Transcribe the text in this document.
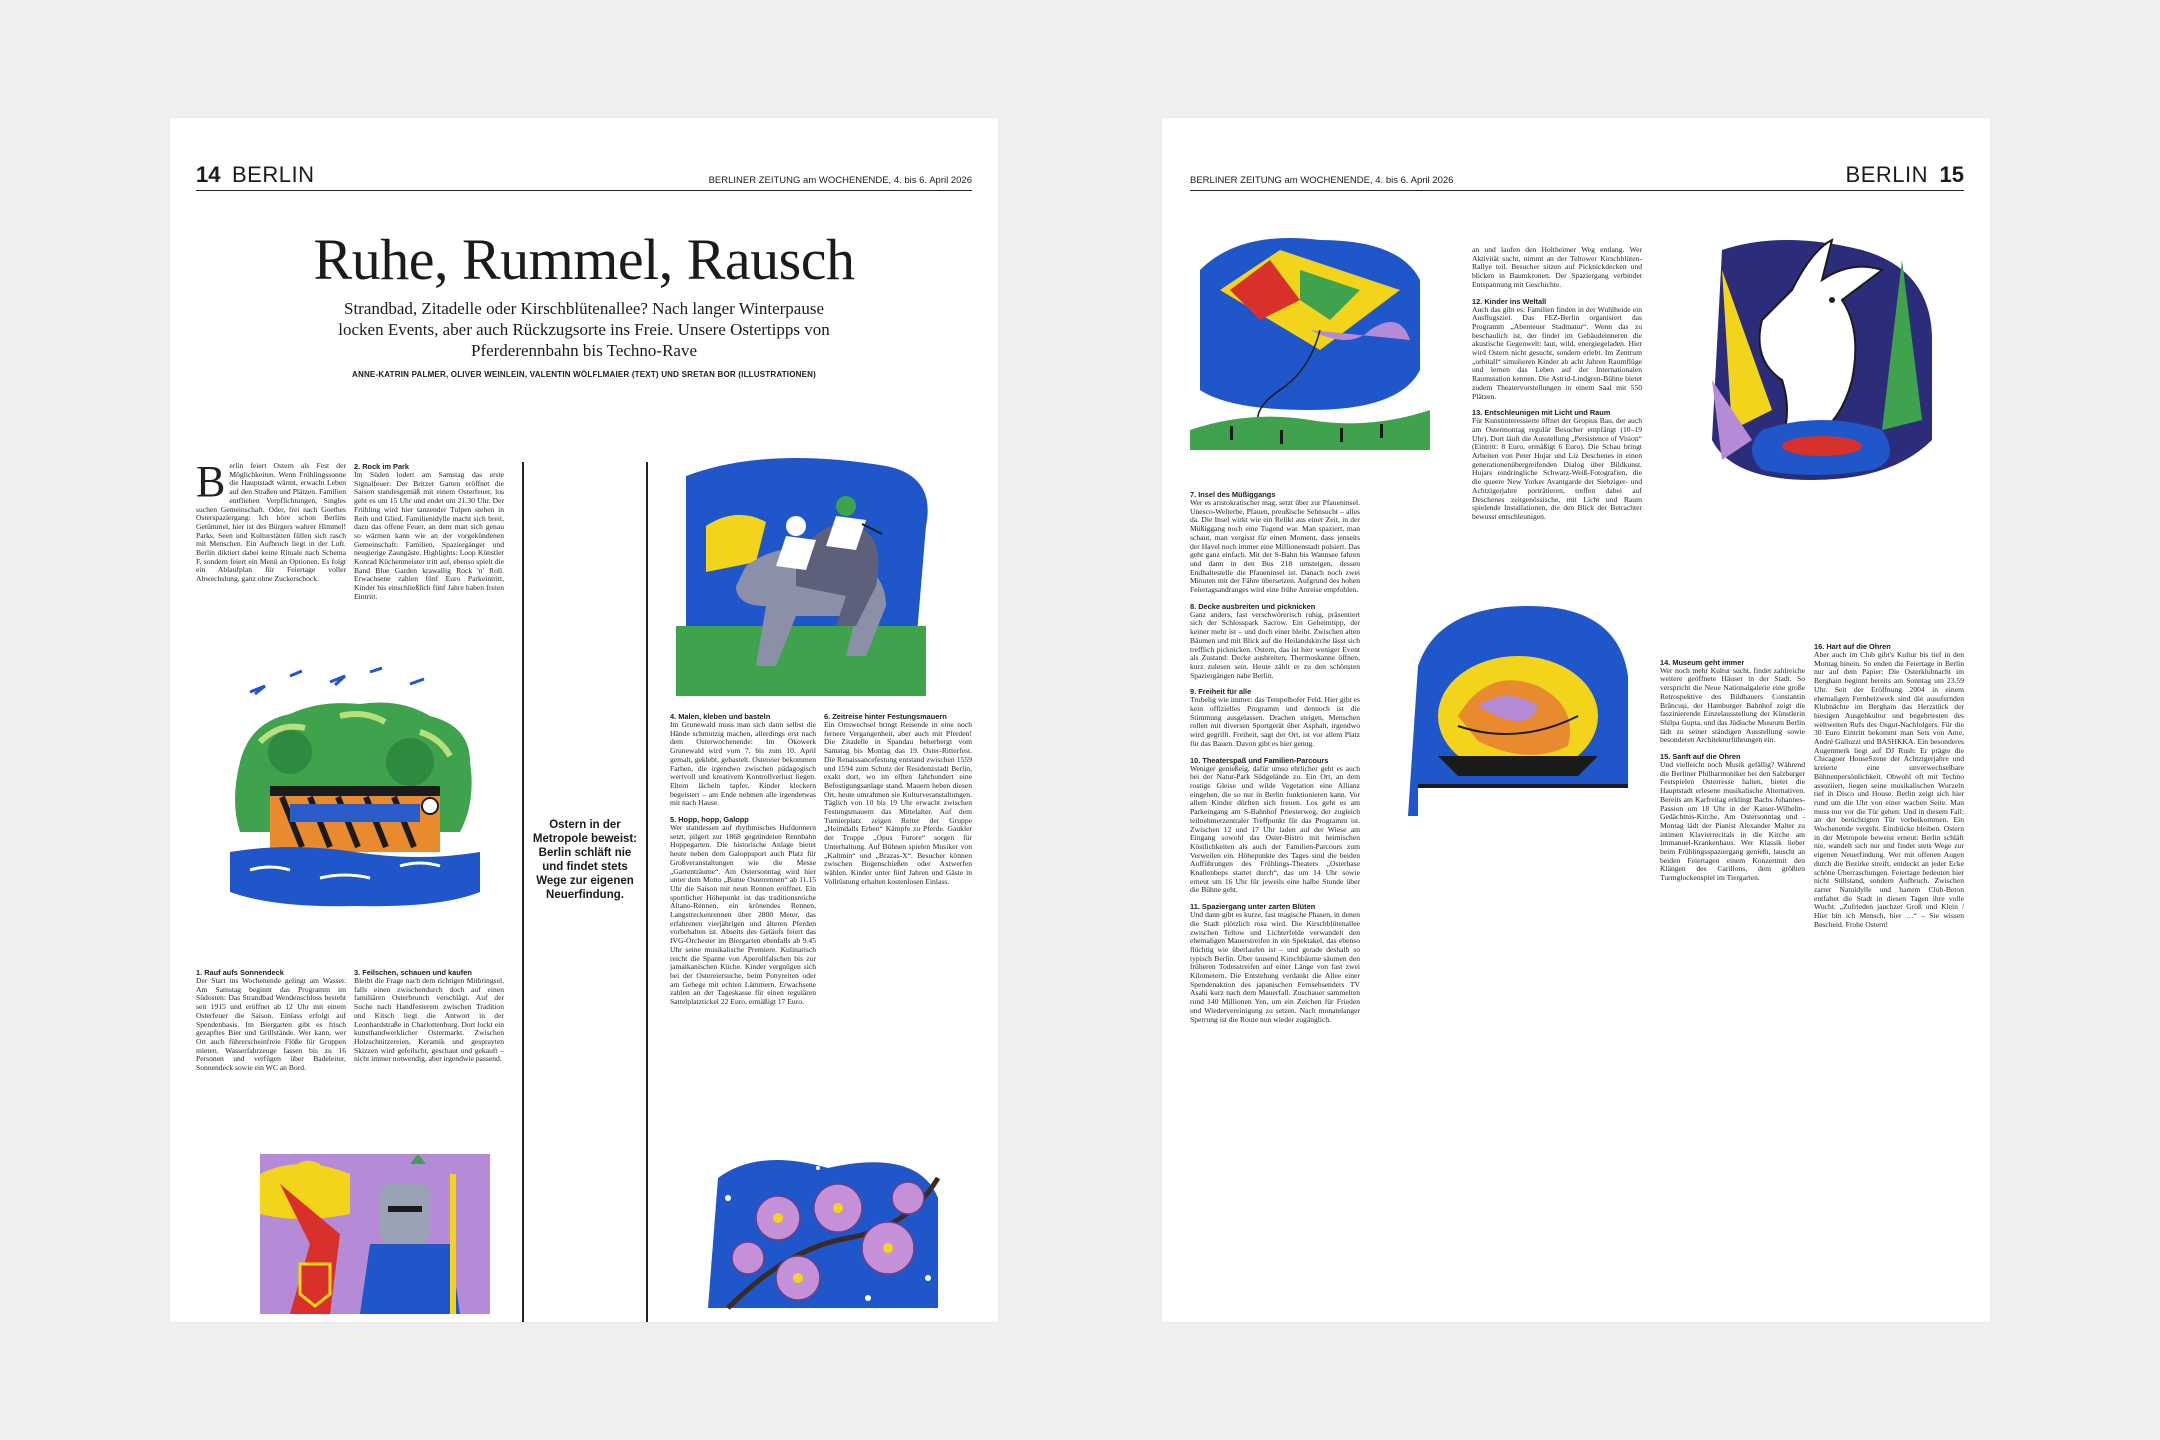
14 BERLIN	BERLINER ZEITUNG am WOCHENENDE, 4. bis 6. April 2026
Ruhe, Rummel, Rausch
Strandbad, Zitadelle oder Kirschblütenallee? Nach langer Winterpause locken Events, aber auch Rückzugsorte ins Freie. Unsere Ostertipps von Pferderennbahn bis Techno-Rave
ANNE-KATRIN PALMER, OLIVER WEINLEIN, VALENTIN WÖLFLMAIER (TEXT) UND SRETAN BOR (ILLUSTRATIONEN)
Berlin feiert Ostern als Fest der Möglichkeiten. Wenn Frühlingssonne die Hauptstadt wärmt, erwacht Leben auf den Straßen und Plätzen. Familien entfliehen Verpflichtungen, Singles suchen Gemeinschaft. Oder, frei nach Goethes Osterspaziergang: Ich höre schon Berlins Getümmel, hier ist des Bürgers wahrer Himmel! Parks, Seen und Kulturstätten füllen sich rasch mit Menschen. Ein Aufbruch liegt in der Luft. Berlin diktiert dabei keine Rituale nach Schema F, sondern feiert ein Menü an Optionen. Es folgt ein Ablaufplan für Feiertage voller Abwechslung, ganz ohne Zuckerschock.
2. Rock im Park

Im Süden lodert am Samstag das erste Signalfeuer: Der Britzer Garten eröffnet die Saison standesgemäß mit einem Osterfeuer, los geht es um 15 Uhr und endet um 21.30 Uhr. Der Frühling wird hier tanzender Tulpen stehen in Reih und Glied, Familienidylle macht sich breit, dazu das offene Feuer, an dem man sich genau so wärmen kann wie an der vorgekündenen Gemeinschaft: Familien, Spaziergänger und neugierige Zaungäste. Highlights: Loop Künstler Konrad Küchenmeister tritt auf, ebenso spielt die Band Blue Garden krawallig Rock 'n' Roll. Erwachsene zahlen fünf Euro Parkeintritt, Kinder bis einschließlich fünf Jahre haben freien Eintritt.

1. Rauf aufs Sonnendeck

Der Start ins Wochenende gelingt am Wasser. Am Samstag beginnt das Programm im Südosten: Das Strandbad Wendenschloss besteht seit 1915 und eröffnet ab 12 Uhr mit einem Osterfeuer die Saison. Einlass erfolgt auf Spendenbasis. Im Biergarten gibt es frisch gezapftes Bier und Grillstände. Wer kann, wer Ort auch führerscheinfreie Flöße für Gruppen mieten. Wasserfahrzeuge fassen bis zu 16 Personen und verfügen über Badeleiter, Sonnendeck sowie ein WC an Bord.

3. Feilschen, schauen und kaufen

Bleibt die Frage nach dem richtigen Mitbringsel, falls einen zwischendurch doch auf einen familiären Osterbrunch verschlägt. Auf der Suche nach Handfesterem zwischen Tradition und Kitsch liegt die Antwort in der Leonhardstraße in Charlottenburg. Dort lockt ein kunsthandwerklicher Ostermarkt. Zwischen Holzschnitzereien, Keramik und gesprayten Skizzen wird gefeilscht, geschaut und gekauft – nicht immer notwendig, aber irgendwie passend.

Ostern in der Metropole beweist: Berlin schläft nie und findet stets Wege zur eigenen Neuerfindung.
4. Malen, kleben und basteln

Im Grunewald muss man sich dann selbst die Hände schmutzig machen, allerdings erst nach dem Osterwochenende: Im Ökowerk Grunewald wird vom 7. bis zum 10. April gemalt, geklebt, gebastelt. Ostereier bekommen Farben, die irgendwo zwischen pädagogisch wertvoll und kreativem Kontrollverlust liegen. Eltern lächeln tapfer, Kinder kleckern begeistert – am Ende nehmen alle irgendetwas mit nach Hause.

5. Hopp, hopp, Galopp

Wer stattdessen auf rhythmisches Hufdonnern setzt, pilgert zur 1868 gegründeten Rennbahn Hoppegarten. Die historische Anlage bietet heute neben dem Galoppsport auch Platz für Großveranstaltungen wie die Messe „Gartenträume“. Am Ostersonntag wird hier unter dem Motto „Bunte Osterrennen“ ab 11.15 Uhr die Saison mit neun Rennen eröffnet. Ein sportlicher Höhepunkt ist das traditionsreiche Altano-Rennen, ein krönendes Rennen, Langstreckenrennen über 2800 Meter, das erfahrenen vierjährigen und älteren Pferden vorbehalten ist. Abseits des Geläufs feiert das IVG-Orchester im Biergarten ebenfalls ab 9.45 Uhr seine musikalische Premiere. Kulinarisch reicht die Spanne von Aperoltfalschen bis zur jamaikanischen Küche. Kinder vergnügen sich bei der Ostereiersuche, beim Ponyreiten oder am Gehege mit echten Lämmern. Erwachsene zahlen an der Tageskasse für einen regulären Sattelplatztickel 22 Euro, ermäßigt 17 Euro.

6. Zeitreise hinter Festungsmauern

Ein Ortswechsel bringt Reisende in eine noch fernere Vergangenheit, aber auch mit Pferden! Die Zitadelle in Spandau beherbergt vom Samstag bis Montag das 19. Oster-Ritterfest. Die Renaissancefestung entstand zwischen 1559 und 1594 zum Schutz der Residenzstadt Berlin, exakt dort, wo im elften Jahrhundert eine Befestigungsanlage stand. Mauern heben diesen Ort, heute umrahmen sie Kulturveranstaltungen. Täglich von 10 bis 19 Uhr erwacht zwischen Festungsmauern das Mittelalter. Auf dem Turnierplatz zeigen Reiter der Gruppe „Heimdalls Erben“ Kämpfe zu Pferde. Gaukler der Truppe „Opus Furore“ sorgen für Unterhaltung. Auf Bühnen spielen Musiker von „Kaltmin“ und „Brazas-X“. Besucher können zwischen Bogenschießen oder Axtwerfen wählen. Kinder unter fünf Jahren und Gäste in Vollrüstung erhalten kostenlosen Einlass.

BERLINER ZEITUNG am WOCHENENDE, 4. bis 6. April 2026	BERLIN 15

an und laufen den Holtheimer Weg entlang. Wer Aktivität sucht, nimmt an der Teltower Kirschblüten-Rallye teil. Besucher sitzen auf Picknickdecken und blicken in Baumkronen. Der Spaziergang verbindet Entspannung mit Geschichte.

12. Kinder ins Weltall

Auch das gibt es: Familien finden in der Wuhlheide ein Ausflugsziel. Das FEZ-Berlin organisiert das Programm „Abenteuer Stadtnatur“. Wenn das zu beschaulich ist, der findet im Gebäudeinneren die akustische Gegenwelt: laut, wild, energiegeladen. Hier wird Ostern nicht gesucht, sondern erlebt. Im Zentrum „orbitall“ simulieren Kinder ab acht Jahren Raumflüge und lernen das Leben auf der Internationalen Raumstation kennen. Die Astrid-Lindgren-Bühne bietet zudem Theatervorstellungen in einem Saal mit 550 Plätzen.

13. Entschleunigen mit Licht und Raum

Für Kunstinteressierte öffnet der Gropius Bau, der auch am Ostermontag regulär Besucher empfängt (10–19 Uhr). Dort läuft die Ausstellung „Persistence of Vision“ (Eintritt: 8 Euro, ermäßigt 6 Euro). Die Schau bringt Arbeiten von Peter Hujar und Liz Deschenes in einen generationenübergreifenden Dialog über Bildkunst. Hujars eindringliche Schwarz-Weiß-Fotografien, die die queere New Yorker Avantgarde der Siebziger- und Achtzigerjahre porträtieren, treffen dabei auf Deschenes zeitgenössische, mit Licht und Raum spielende Installationen, die den Blick der Betrachter bewusst entschleunigen.

7. Insel des Müßiggangs

Wer es aristokratischer mag, setzt über zur Pfaueninsel. Unesco-Welterbe, Pfauen, preußische Sehnsucht – alles da. Die Insel wirkt wie ein Relikt aus einer Zeit, in der Müßiggang noch eine Tugend war. Man spaziert, man schaut, man vergisst für einen Moment, dass jenseits der Havel noch immer eine Millionenstadt pulsiert. Das geht ganz einfach. Mit der S-Bahn bis Wannsee fahren und dann in den Bus 218 umsteigen, dessen Endhaltestelle die Pfaueninsel ist. Danach noch zwei Minuten mit der Fähre übersetzen. Aufgrund des hohen Feiertagsandranges wird eine frühe Anreise empfohlen.

8. Decke ausbreiten und picknicken

Ganz anders, fast verschwörerisch ruhig, präsentiert sich der Schlosspark Sacrow. Ein Geheimtipp, der keiner mehr ist – und doch einer bleibt. Zwischen alten Bäumen und mit Blick auf die Heilandskirche lässt sich trefflich picknicken. Ostern, das ist hier weniger Event als Zustand: Decke ausbreiten, Thermoskanne öffnen, kurz zulesen sein. Heute zählt er zu den schönsten Spaziergängen nahe Berlin.

9. Freiheit für alle

Trubelig wie immer: das Tempelhofer Feld. Hier gibt es kein offizielles Programm und dennoch ist die Stimmung ausgelassen. Drachen steigen, Menschen rollen mit diversen Sportgerät über Asphalt, irgendwo wird gegrillt. Freiheit, sagt der Ort, ist vor allem Platz für das Bauen. Davon gibt es hier genug.

10. Theaterspaß und Familien-Parcours

Weniger genießeig, dafür umso ehrlicher geht es auch bei der Natur-Park Südgelände zu. Ein Ort, an dem rostige Gleise und wilde Vegetation eine Allianz eingehen, die so nur in Berlin funktionieren kann. Vor allem Kinder dürften sich freuen. Los geht es am Parkeingang am S-Bahnhof Priesterweg, der zugleich teilnehmerzentraler Treffpunkt für das Programm ist. Zwischen 12 und 17 Uhr laden auf der Wiese am Eingang sowohl das Oster-Bistro mit heimischen Köstlichkeiten als auch der Familien-Parcours zum Verweilen ein. Höhepunkte des Tages sind die beiden Aufführungen des Frühlings-Theaters „Osterhase Knallenbeps startet durch“, das um 14 Uhr sowie erneut um 16 Uhr für jeweils eine halbe Stunde über die Bühne geht.

11. Spaziergang unter zarten Blüten

Und dann gibt es kurze, fast magische Phasen, in denen die Stadt plötzlich rosa wird. Die Kirschblütenallee zwischen Teltow und Lichterfelde verwandelt den ehemaligen Mauerstreifen in ein Spektakel, das ebenso flüchtig wie überlaufen ist – und gerade deshalb so typisch Berlin. Über tausend Kirschbäume säumen den früheren Todesstreifen auf einer Länge von fast zwei Kilometern. Die Entstehung verdankt die Allee einer Spendenaktion des japanischen Fernsehsenders TV Asahi kurz nach dem Mauerfall. Zuschauer sammelten rund 140 Millionen Yen, um ein Zeichen für Frieden und Wiedervereinigung zu setzen. Nach monatelanger Sperrung ist die Route nun wieder zugänglich.

14. Museum geht immer

Wer noch mehr Kultur sucht, findet zahlreiche weitere geöffnete Häuser in der Stadt. So verspricht die Neue Nationalgalerie eine große Retrospektive des Bildhauers Constantin Brâncuși, der Hamburger Bahnhof zeigt die faszinierende Einzelausstellung der Künstlerin Shilpa Gupta, und das Jüdische Museum Berlin lädt zu seiner ständigen Ausstellung sowie besonderen Architekturführungen ein.

15. Sanft auf die Ohren

Und vielleicht noch Musik gefällig? Während die Berliner Philharmoniker bei den Salzburger Festspielen Osterresse halten, bietet die Hauptstadt erlesene musikalische Alternativen. Bereits am Karfreitag erklingt Bachs Johannes-Passion um 18 Uhr in der Kaiser-Wilhelm-Gedächtnis-Kirche. Am Ostersonntag und -Montag lädt der Pianist Alexander Malter zu intimen Klavierrecitals in die Kirche am Immanuel-Krankenhaus. Wer Klassik lieber beim Frühlingsspaziergang genießt, lauscht an beiden Feiertagen einem Konzertmit den Klängen des Carillons, dem größten Turmglockenspiel im Tiergarten.

16. Hart auf die Ohren

Aber auch im Club gibt's Kultur bis tief in den Montag hinein. So enden die Feiertage in Berlin nur auf dem Papier: Die Osterklubnacht im Berghain beginnt bereits am Sonntag um 23.59 Uhr. Seit der Eröffnung 2004 in einem ehemaligen Fernheizwerk sind die ausufernden Klubnächte im Berghain das Herzstück der hiesigen Ausgehkultur und begehrtesten des weltweiten Rufs des Osgut-Nachfolgers. Für die 30 Euro Eintritt bekommt man Sets von Ame, André Galluzzi und BASHKKA. Ein besonderes Augenmerk liegt auf DJ Rush: Er prägte die Chicagoer HouseSzene der Achtzigerjahre und kreierte eine unverwechselbare Bühnenpersönlichkeit. Obwohl oft mit Techno assoziiert, liegen seine musikalischen Wurzeln tief in Disco und House. Berlin zeigt sich hier rund um die Uhr von einer wachen Seite. Man muss nur vor die Tür gehen: Und in diesem Fall: an der berüchtigten Tür vorbeikommen. Ein Wochenende vergeht. Eindrücke bleiben. Ostern in der Metropole beweist erneut: Berlin schläft nie, wandelt sich nur und findet stets Wege zur eigenen Neuerfindung. Wer mit offenen Augen durch die Bezirke streift, entdeckt an jeder Ecke schöne Überraschungen. Feiertage bedeuten hier nicht Stillstand, sondern Aufbruch. Zwischen zarter Natuidylle und hartem Club-Beton entfaltet die Stadt in diesen Tagen ihre volle Wucht. „Zufrieden jauchzet Groß und Klein / Hier bin ich Mensch, hier …“ – Sie wissen Bescheid. Frohe Ostern!
